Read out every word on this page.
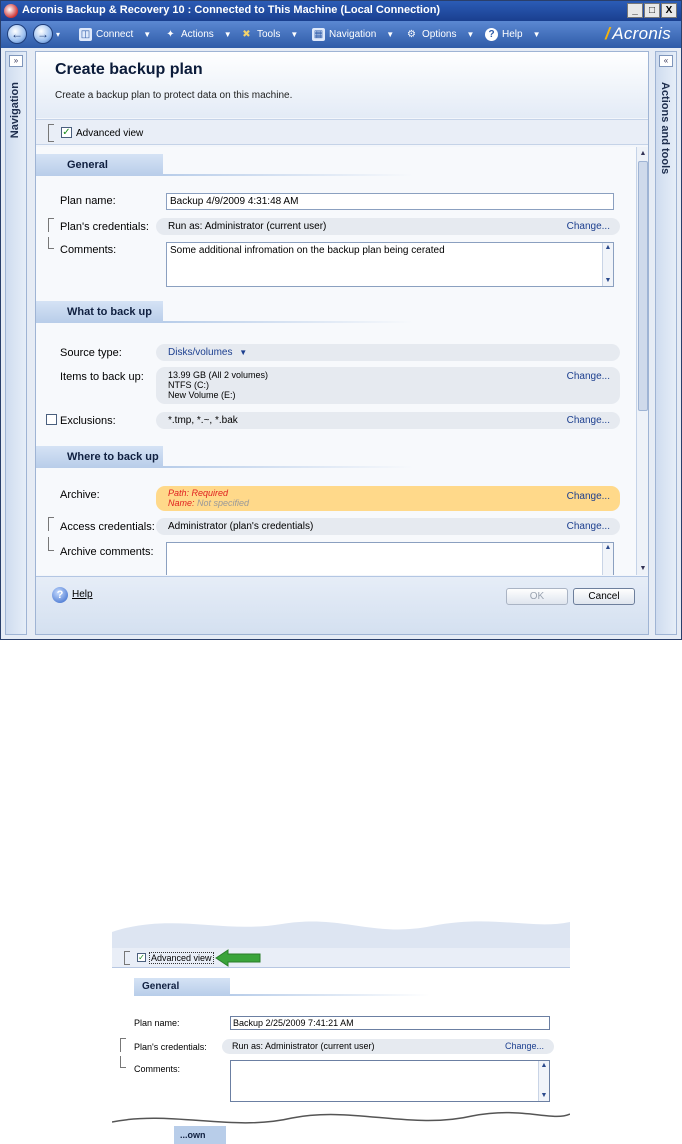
Acronis Backup & Recovery 10 : Connected to This Machine (Local Connection)	_	□	X
←	→ ▾ ◫ Connect ▼ ✦ Actions ▼ ✖ Tools ▼ ▦ Navigation ▼ ⚙ Options ▼	? Help ▼	/ Acronis
»
Navigation
«
Actions and tools
Create backup plan
Create a backup plan to protect data on this machine.
✓ Advanced view
General
Plan name:	Backup 4/9/2009 4:31:48 AM
Plan's credentials:	Run as: Administrator (current user)	Change...
Comments:	Some additional infromation on the backup plan being cerated	▲
▼
What to back up
Source type:	Disks/volumes ▼
Items to back up:	13.99 GB (All 2 volumes)
NTFS (C:)
New Volume (E:)
Change...
Exclusions:	*.tmp, *.~, *.bak	Change...
Where to back up
Archive:	Path: Required
Name: Not specified
Change...
Access credentials:	Administrator (plan's credentials)	Change...
Archive comments:	▲
▲
▼
? Help	OK	Cancel
✓ Advanced view
General
Plan name:	Backup 2/25/2009 7:41:21 AM
Plan's credentials:	Run as: Administrator (current user)	Change...
Comments:	▲
▼
...own
